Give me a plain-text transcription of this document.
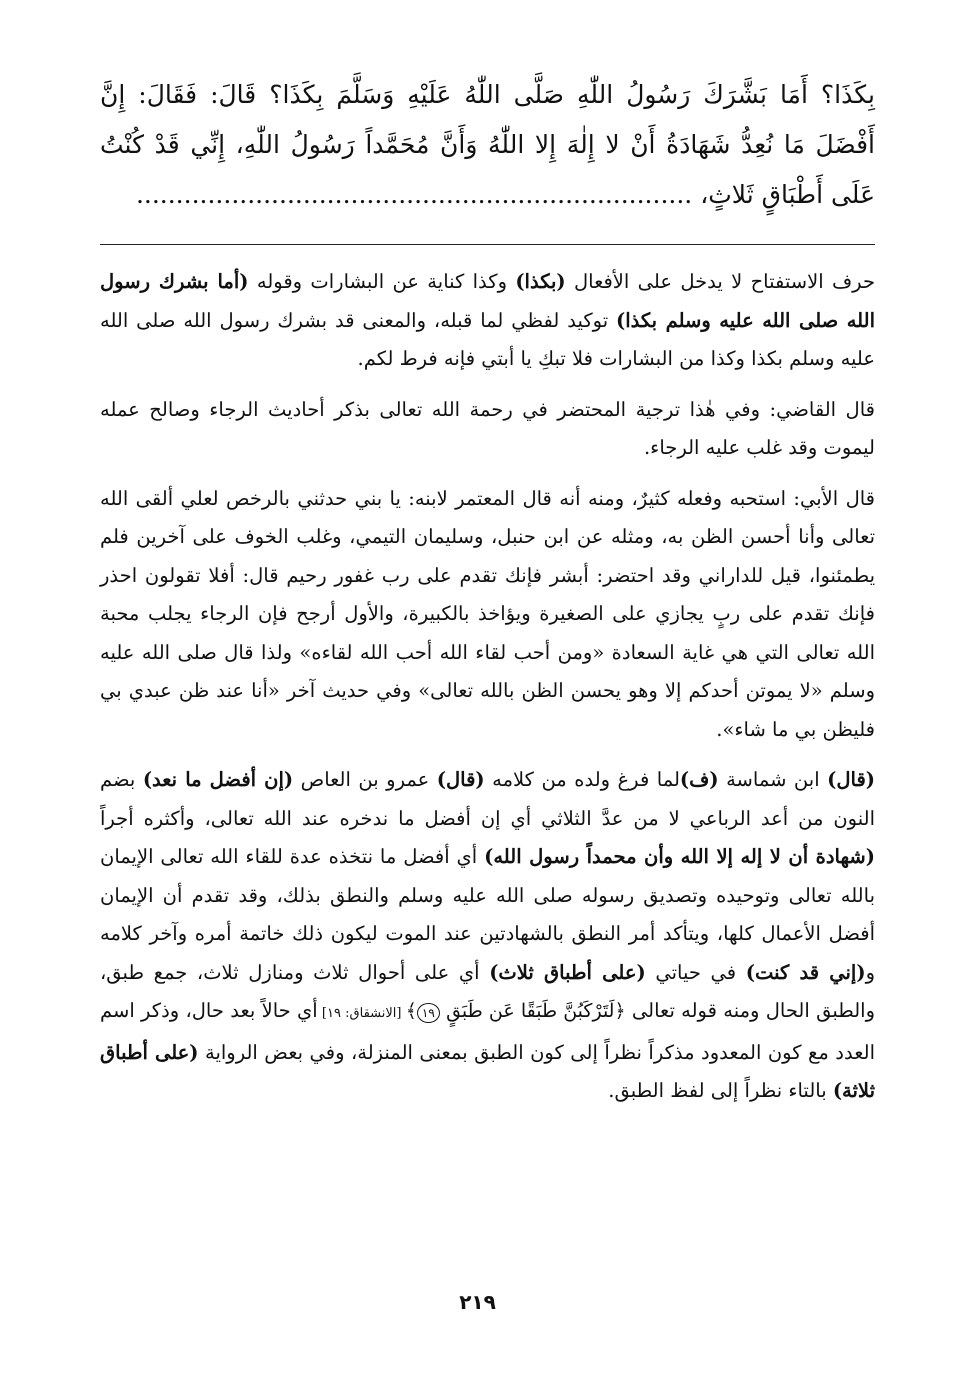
بِكَذَا؟ أَمَا بَشَّرَكَ رَسُولُ اللّٰهِ صَلَّى اللّٰهُ عَلَيْهِ وَسَلَّمَ بِكَذَا؟ قَالَ: فَقَالَ: إِنَّ أَفْضَلَ مَا نُعِدُّ شَهَادَةُ أَنْ لا إِلٰهَ إِلا اللّٰهُ وَأَنَّ مُحَمَّداً رَسُولُ اللّٰهِ، إِنِّي قَدْ كُنْتُ عَلَى أَطْبَاقٍ ثَلاثٍ، ......................................................................

حرف الاستفتاح لا يدخل على الأفعال (بكذا) وكذا كناية عن البشارات وقوله (أما بشرك رسول الله صلى الله عليه وسلم بكذا) توكيد لفظي لما قبله، والمعنى قد بشرك رسول الله صلى الله عليه وسلم بكذا وكذا من البشارات فلا تبكِ يا أبتي فإنه فرط لكم.

قال القاضي: وفي هٰذا ترجية المحتضر في رحمة الله تعالى بذكر أحاديث الرجاء وصالح عمله ليموت وقد غلب عليه الرجاء.

قال الأبي: استحبه وفعله كثيرٌ، ومنه أنه قال المعتمر لابنه: يا بني حدثني بالرخص لعلي ألقى الله تعالى وأنا أحسن الظن به، ومثله عن ابن حنبل، وسليمان التيمي، وغلب الخوف على آخرين فلم يطمئنوا، قيل للداراني وقد احتضر: أبشر فإنك تقدم على رب غفور رحيم قال: أفلا تقولون احذر فإنك تقدم على ربٍ يجازي على الصغيرة ويؤاخذ بالكبيرة، والأول أرجح فإن الرجاء يجلب محبة الله تعالى التي هي غاية السعادة «ومن أحب لقاء الله أحب الله لقاءه» ولذا قال صلى الله عليه وسلم «لا يموتن أحدكم إلا وهو يحسن الظن بالله تعالى» وفي حديث آخر «أنا عند ظن عبدي بي فليظن بي ما شاء».

(قال) ابن شماسة (ف)لما فرغ ولده من كلامه (قال) عمرو بن العاص (إن أفضل ما نعد) بضم النون من أعد الرباعي لا من عدَّ الثلاثي أي إن أفضل ما ندخره عند الله تعالى، وأكثره أجراً (شهادة أن لا إله إلا الله وأن محمداً رسول الله) أي أفضل ما نتخذه عدة للقاء الله تعالى الإيمان بالله تعالى وتوحيده وتصديق رسوله صلى الله عليه وسلم والنطق بذلك، وقد تقدم أن الإيمان أفضل الأعمال كلها، ويتأكد أمر النطق بالشهادتين عند الموت ليكون ذلك خاتمة أمره وآخر كلامه و(إني قد كنت) في حياتي (على أطباق ثلاث) أي على أحوال ثلاث ومنازل ثلاث، جمع طبق، والطبق الحال ومنه قوله تعالى ﴿لَتَرْكَبُنَّ طَبَقًا عَن طَبَقٍ ١٩﴾ [الانشقاق: ١٩] أي حالاً بعد حال، وذكر اسم العدد مع كون المعدود مذكراً نظراً إلى كون الطبق بمعنى المنزلة، وفي بعض الرواية (على أطباق ثلاثة) بالتاء نظراً إلى لفظ الطبق.

٢١٩
